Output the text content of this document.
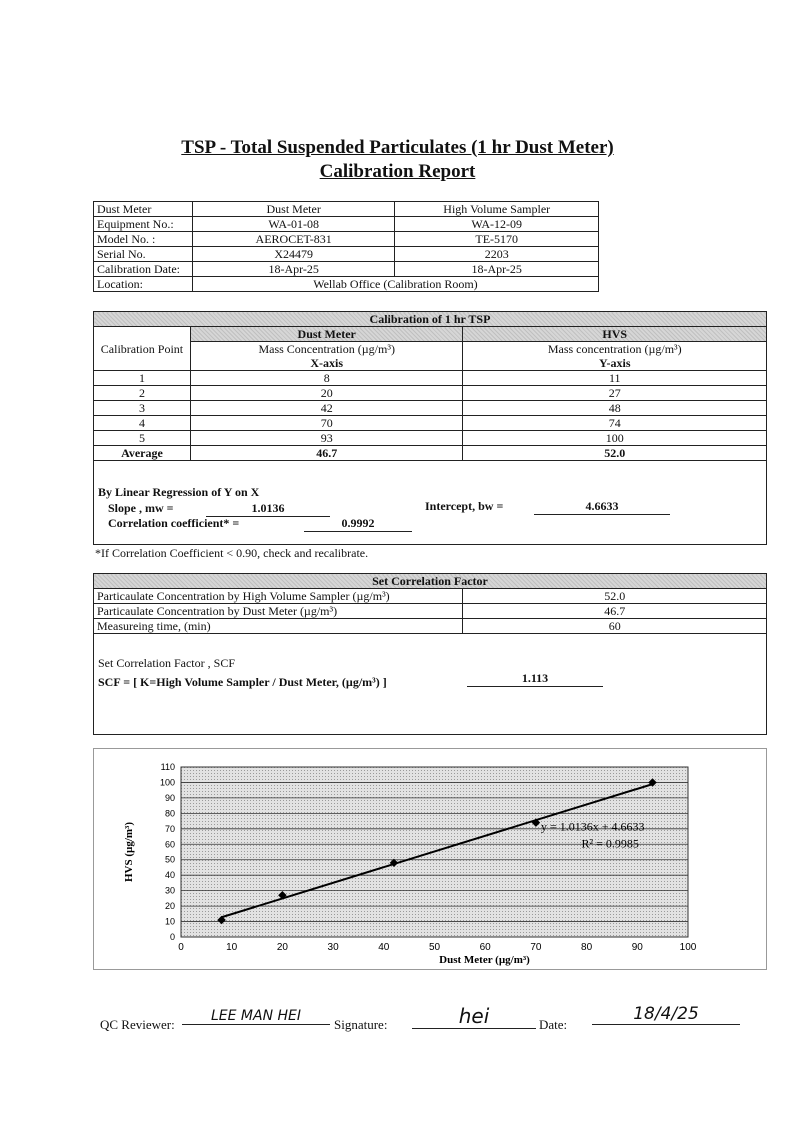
TSP - Total Suspended Particulates (1 hr Dust Meter)
Calibration Report
Dust Meter	Dust Meter	High Volume Sampler
Equipment No.:	WA-01-08	WA-12-09
Model No. :	AEROCET-831	TE-5170
Serial No.	X24479	2203
Calibration Date:	18-Apr-25	18-Apr-25
Location:	Wellab Office (Calibration Room)	
Calibration of 1 hr TSP		
Calibration Point	Dust Meter	HVS
	Mass Concentration (µg/m³)	Mass concentration (µg/m³)
	X-axis	Y-axis
1	8	11
2	20	27
3	42	48
4	70	74
5	93	100
Average	46.7	52.0
By Linear Regression of Y on X
Slope , mw =	1.0136	Intercept, bw =	4.6633
Correlation coefficient* =	0.9992
*If Correlation Coefficient < 0.90, check and recalibrate.
Set Correlation Factor	
Particaulate Concentration by High Volume Sampler (µg/m³)	52.0
Particaulate Concentration by Dust Meter (µg/m³)	46.7
Measureing time, (min)	60
Set Correlation Factor , SCF
SCF = [ K=High Volume Sampler / Dust Meter, (µg/m³) ]	1.113
0
10
20
30
40
50
60
70
80
90
100
110
0	10	20	30	40	50	60	70	80	90	100
y = 1.0136x + 4.6633
R² = 0.9985
Dust Meter (µg/m³)
HVS (µg/m³)
QC Reviewer:
LEE MAN HEI
Signature:	hei	Date:
18/4/25
